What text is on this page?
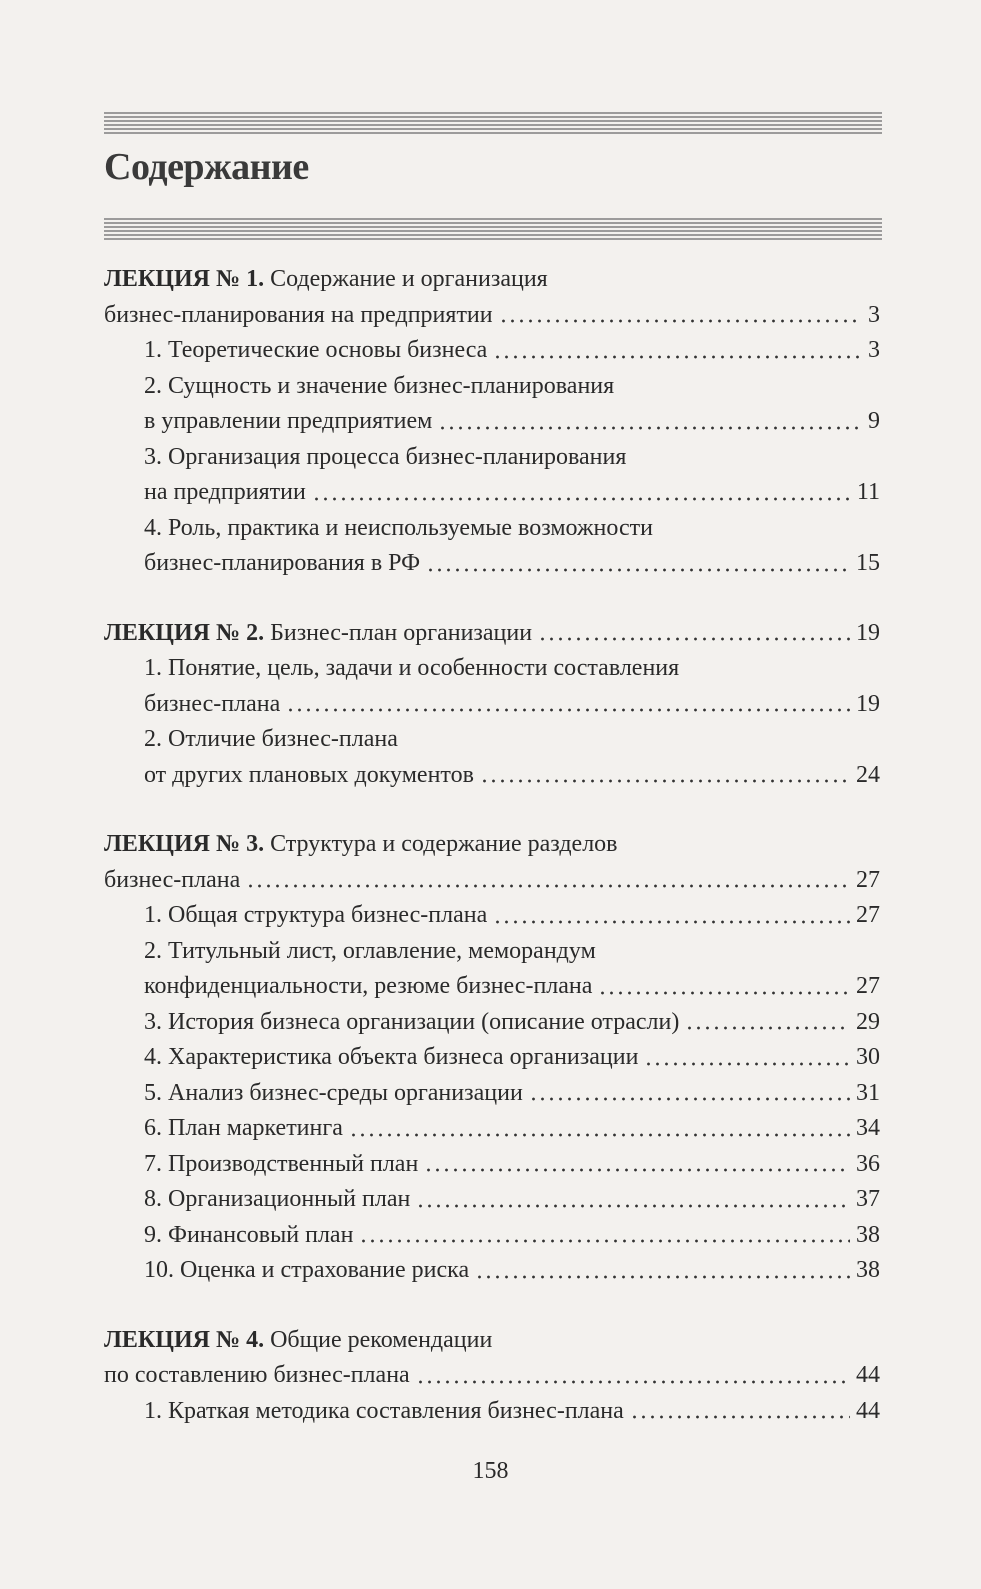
Содержание
ЛЕКЦИЯ № 1. Содержание и организация
бизнес-планирования на предприятии	3
1. Теоретические основы бизнеса	3
2. Сущность и значение бизнес-планирования
в управлении предприятием	9
3. Организация процесса бизнес-планирования
на предприятии	11
4. Роль, практика и неиспользуемые возможности
бизнес-планирования в РФ	15
ЛЕКЦИЯ № 2. Бизнес-план организации	19
1. Понятие, цель, задачи и особенности составления
бизнес-плана	19
2. Отличие бизнес-плана
от других плановых документов	24
ЛЕКЦИЯ № 3. Структура и содержание разделов
бизнес-плана	27
1. Общая структура бизнес-плана	27
2. Титульный лист, оглавление, меморандум
конфиденциальности, резюме бизнес-плана	27
3. История бизнеса организации (описание отрасли)	29
4. Характеристика объекта бизнеса организации	30
5. Анализ бизнес-среды организации	31
6. План маркетинга	34
7. Производственный план	36
8. Организационный план	37
9. Финансовый план	38
10. Оценка и страхование риска	38
ЛЕКЦИЯ № 4. Общие рекомендации
по составлению бизнес-плана	44
1. Краткая методика составления бизнес-плана	44
158
